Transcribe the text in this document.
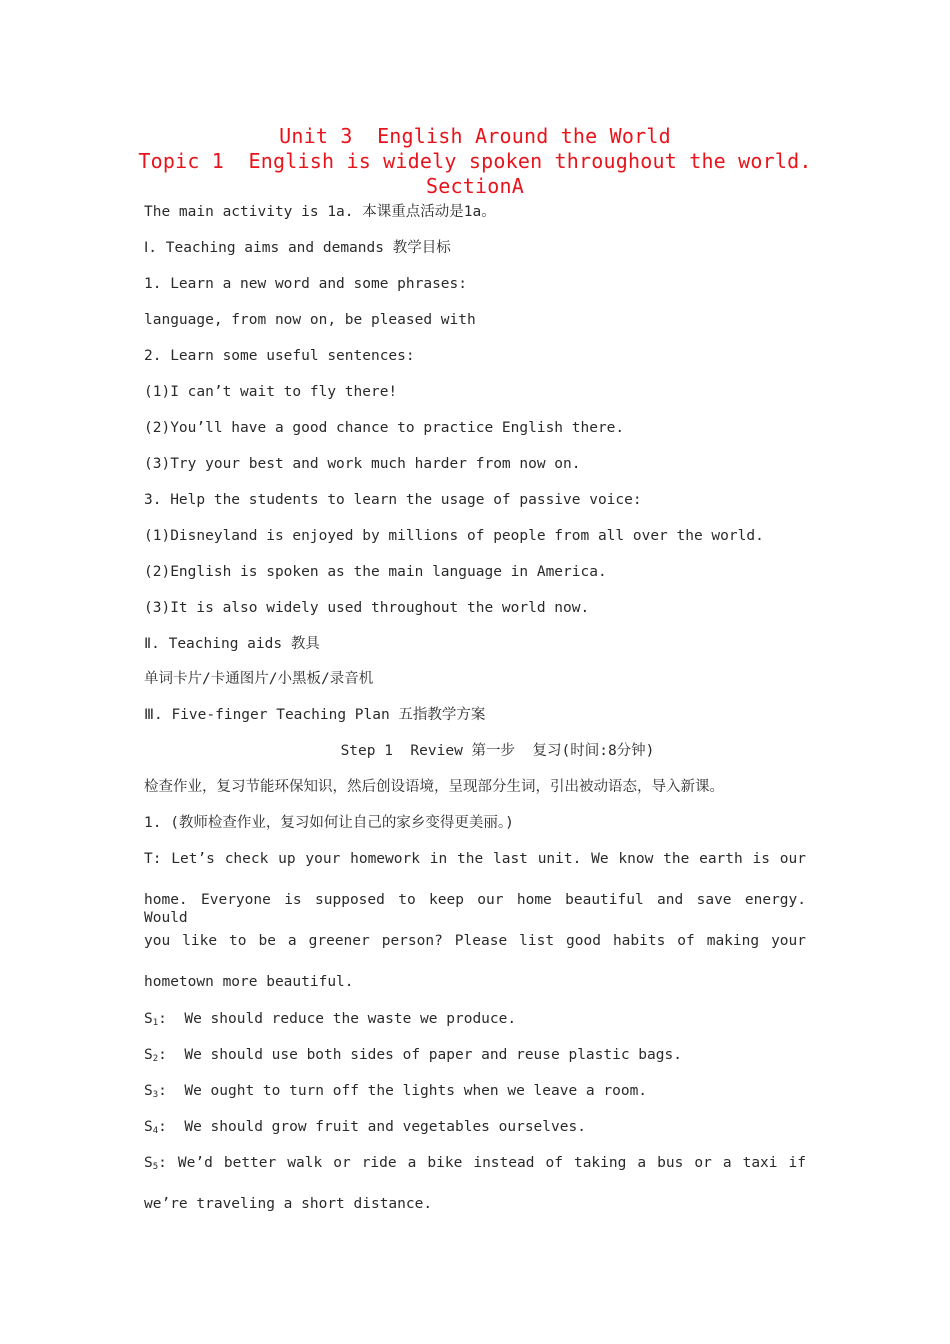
Unit 3  English Around the World
Topic 1  English is widely spoken throughout the world.
SectionA
The main activity is 1a. 本课重点活动是1a。
Ⅰ. Teaching aims and demands 教学目标
1. Learn a new word and some phrases:
language, from now on, be pleased with
2. Learn some useful sentences:
(1)I can’t wait to fly there!
(2)You’ll have a good chance to practice English there.
(3)Try your best and work much harder from now on.
3. Help the students to learn the usage of passive voice:
(1)Disneyland is enjoyed by millions of people from all over the world.
(2)English is spoken as the main language in America.
(3)It is also widely used throughout the world now.
Ⅱ. Teaching aids 教具
单词卡片/卡通图片/小黑板/录音机
Ⅲ. Five-finger Teaching Plan 五指教学方案
Step 1  Review 第一步  复习(时间:8分钟)
检查作业，复习节能环保知识，然后创设语境，呈现部分生词，引出被动语态，导入新课。
1. (教师检查作业，复习如何让自己的家乡变得更美丽。)
T: Let’s check up your homework in the last unit. We know the earth is our
home. Everyone is supposed to keep our home beautiful and save energy. Would
you like to be a greener person? Please list good habits of making your
hometown more beautiful.
$S_1$:  We should reduce the waste we produce.
$S_2$:  We should use both sides of paper and reuse plastic bags.
$S_3$:  We ought to turn off the lights when we leave a room.
$S_4$:  We should grow fruit and vegetables ourselves.
$S_5$: We’d better walk or ride a bike instead of taking a bus or a taxi if
we’re traveling a short distance.
